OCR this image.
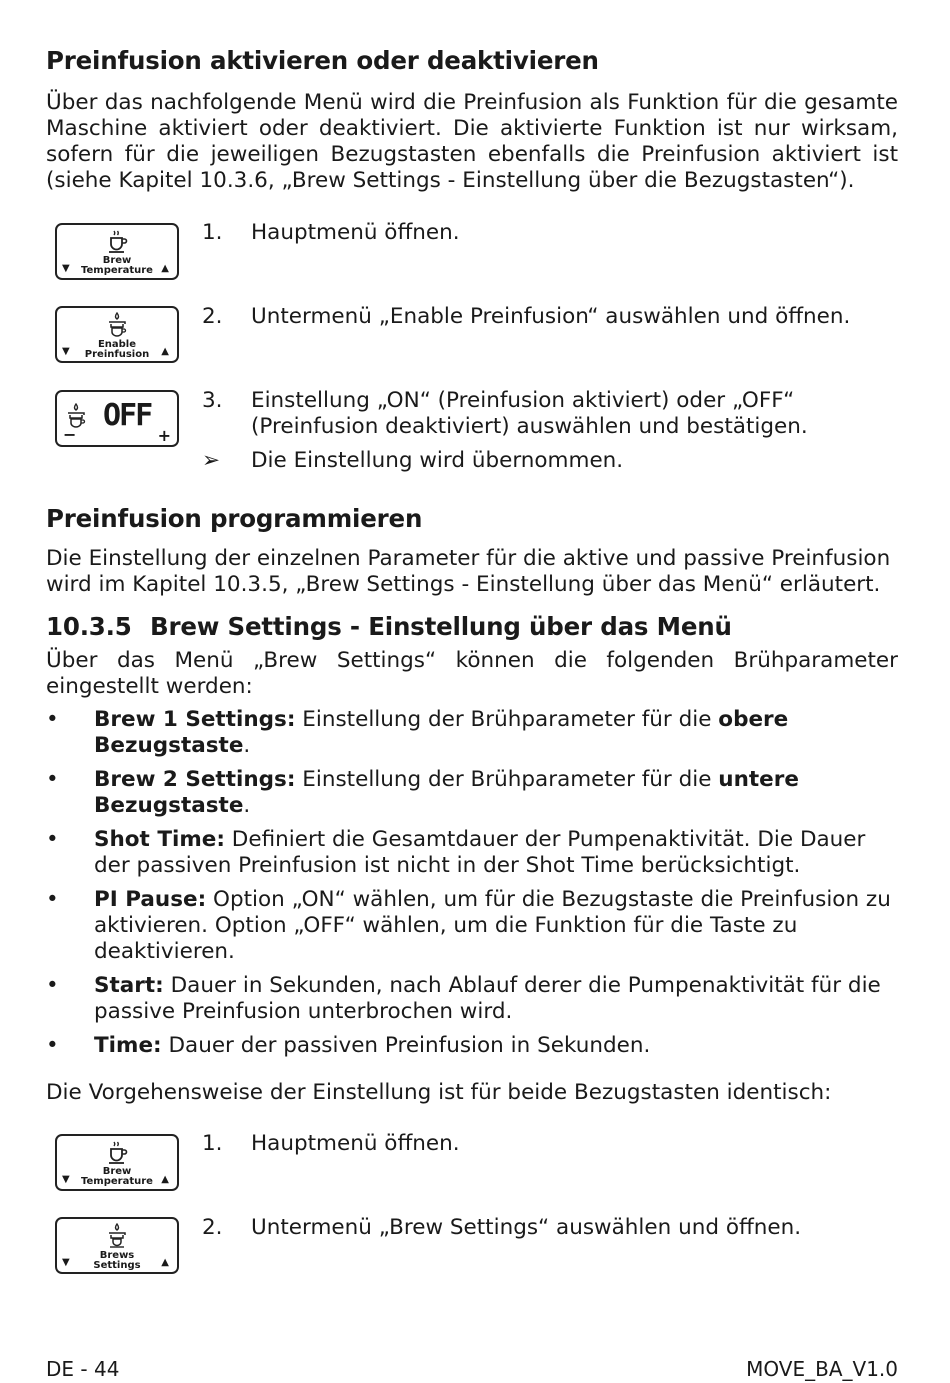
Preinfusion aktivieren oder deaktivieren

Über das nachfolgende Menü wird die Preinfusion als Funktion für die gesamte Maschine aktiviert oder deaktiviert. Die aktivierte Funktion ist nur wirksam, sofern für die jeweiligen Bezugstasten ebenfalls die Preinfusion aktiviert ist (siehe Kapitel 10.3.6, „Brew Settings - Einstellung über die Bezugstasten“).

Brew
Temperature
▼	▲
1. Hauptmenü öffnen.
Enable
Preinfusion
▼	▲
2. Untermenü „Enable Preinfusion“ auswählen und öffnen.
OFF
−	+
3. Einstellung „ON“ (Preinfusion aktiviert) oder „OFF“ (Preinfusion deaktiviert) auswählen und bestätigen.
➢ Die Einstellung wird übernommen.
Preinfusion programmieren

Die Einstellung der einzelnen Parameter für die aktive und passive Preinfusion wird im Kapitel 10.3.5, „Brew Settings - Einstellung über das Menü“ erläutert.

10.3.5 Brew Settings - Einstellung über das Menü

Über das Menü „Brew Settings“ können die folgenden Brühparameter eingestellt werden:

• Brew 1 Settings: Einstellung der Brühparameter für die obere Bezugstaste.
• Brew 2 Settings: Einstellung der Brühparameter für die untere Bezugstaste.
• Shot Time: Definiert die Gesamtdauer der Pumpenaktivität. Die Dauer der passiven Preinfusion ist nicht in der Shot Time berücksichtigt.
• PI Pause: Option „ON“ wählen, um für die Bezugstaste die Preinfusion zu aktivieren. Option „OFF“ wählen, um die Funktion für die Taste zu deaktivieren.
• Start: Dauer in Sekunden, nach Ablauf derer die Pumpenaktivität für die passive Preinfusion unterbrochen wird.
• Time: Dauer der passiven Preinfusion in Sekunden.

Die Vorgehensweise der Einstellung ist für beide Bezugstasten identisch:

Brew
Temperature
▼	▲
1. Hauptmenü öffnen.
Brews
Settings
▼	▲
2. Untermenü „Brew Settings“ auswählen und öffnen.
DE - 44	MOVE_BA_V1.0
